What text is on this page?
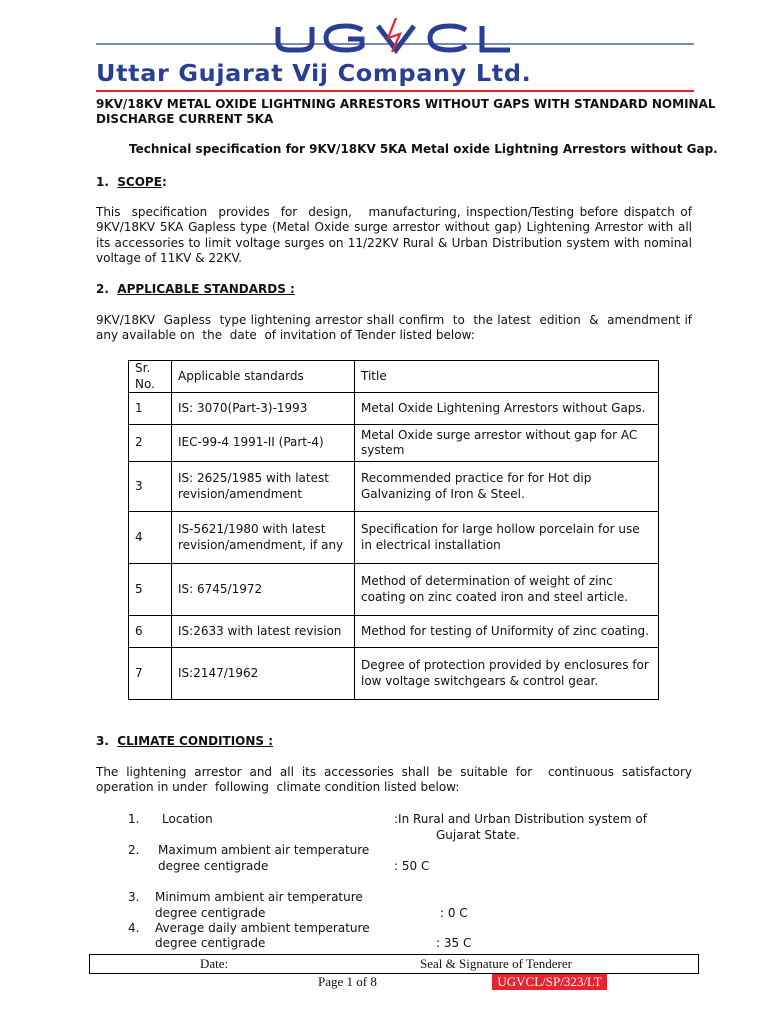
Uttar Gujarat Vij Company Ltd.
9KV/18KV METAL OXIDE LIGHTNING ARRESTORS WITHOUT GAPS WITH STANDARD NOMINAL
DISCHARGE CURRENT 5KA
Technical specification for 9KV/18KV 5KA Metal oxide Lightning Arrestors without Gap.
1. SCOPE:
This  specification  provides  for  design,   manufacturing, inspection/Testing before dispatch of 9KV/18KV 5KA Gapless type (Metal Oxide surge arrestor without gap) Lightening Arrestor with all its accessories to limit voltage surges on 11/22KV Rural & Urban Distribution system with nominal voltage of 11KV & 22KV.
2. APPLICABLE STANDARDS :
9KV/18KV  Gapless  type lightening arrestor shall confirm  to  the latest  edition  &  amendment if any available on  the  date  of invitation of Tender listed below:
Sr. No.	Applicable standards	Title
1	IS: 3070(Part-3)-1993	Metal Oxide Lightening Arrestors without Gaps.
2	IEC-99-4 1991-II (Part-4)	Metal Oxide surge arrestor without gap for AC system
3	IS: 2625/1985 with latest revision/amendment	Recommended practice for for Hot dip Galvanizing of Iron & Steel.
4	IS-5621/1980 with latest revision/amendment, if any	Specification for large hollow porcelain for use in electrical installation
5	IS: 6745/1972	Method of determination of weight of zinc coating on zinc coated iron and steel article.
6	IS:2633 with latest revision	Method for testing of Uniformity of zinc coating.
7	IS:2147/1962	Degree of protection provided by enclosures for low voltage switchgears & control gear.
3. CLIMATE CONDITIONS :
The lightening arrestor and all its accessories shall be suitable for  continuous satisfactory operation in under  following  climate condition listed below:
1. Location	:In Rural and Urban Distribution system of
Gujarat State.
2. Maximum ambient air temperature
degree centigrade	: 50 C
3. Minimum ambient air temperature
degree centigrade	: 0 C
4. Average daily ambient temperature
degree centigrade	: 35 C
Date:	Seal & Signature of Tenderer
Page 1 of 8	UGVCL/SP/323/LT
